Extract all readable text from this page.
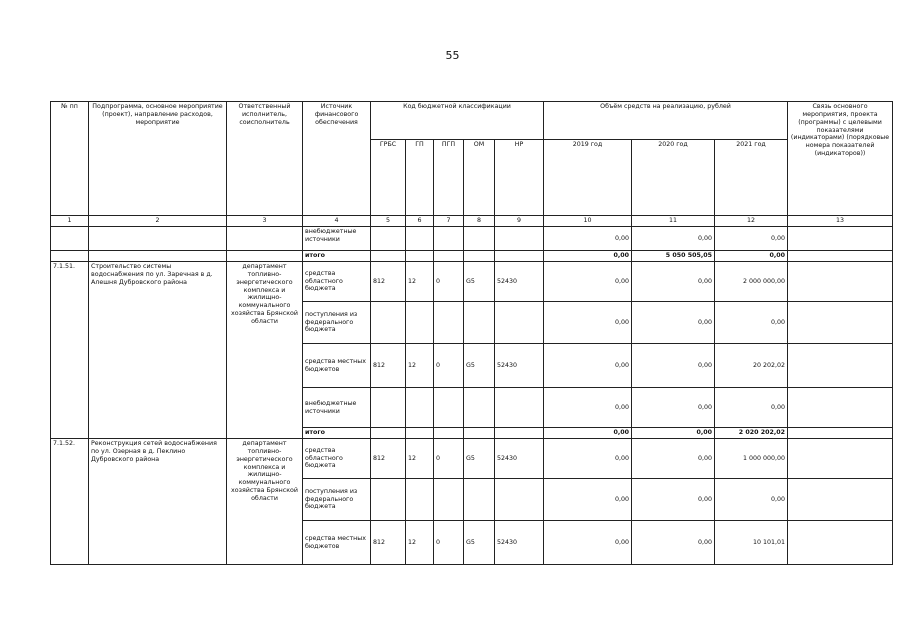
55
№ пп	Подпрограмма, основное мероприятие (проект), направление расходов, мероприятие	Ответственный исполнитель, соисполнитель	Источник финансового обеспечения	Код бюджетной классификации					Объём средств на реализацию, рублей			Связь основного мероприятия, проекта (программы) с целевыми показателями (индикаторами) (порядковые номера показателей (индикаторов))
				ГРБС	ГП	ПГП	ОМ	НР	2019 год	2020 год	2021 год	
1	2	3	4	5	6	7	8	9	10	11	12	13
			внебюджетные источники						0,00	0,00	0,00	
			итого						0,00	5 050 505,05	0,00	
7.1.51.	Строительство системы водоснабжения по ул. Заречная в д. Алешня Дубровского района	департамент топливно-энергетического комплекса и жилищно-коммунального хозяйства Брянской области	средства областного бюджета	812	12	0	G5	52430	0,00	0,00	2 000 000,00	
			поступления из федерального бюджета						0,00	0,00	0,00	
			средства местных бюджетов	812	12	0	G5	52430	0,00	0,00	20 202,02	
			внебюджетные источники						0,00	0,00	0,00	
			итого						0,00	0,00	2 020 202,02	
7.1.52.	Реконструкция сетей водоснабжения по ул. Озерная в д. Пеклино Дубровского района	департамент топливно-энергетического комплекса и жилищно-коммунального хозяйства Брянской области	средства областного бюджета	812	12	0	G5	52430	0,00	0,00	1 000 000,00	
			поступления из федерального бюджета						0,00	0,00	0,00	
			средства местных бюджетов	812	12	0	G5	52430	0,00	0,00	10 101,01	
